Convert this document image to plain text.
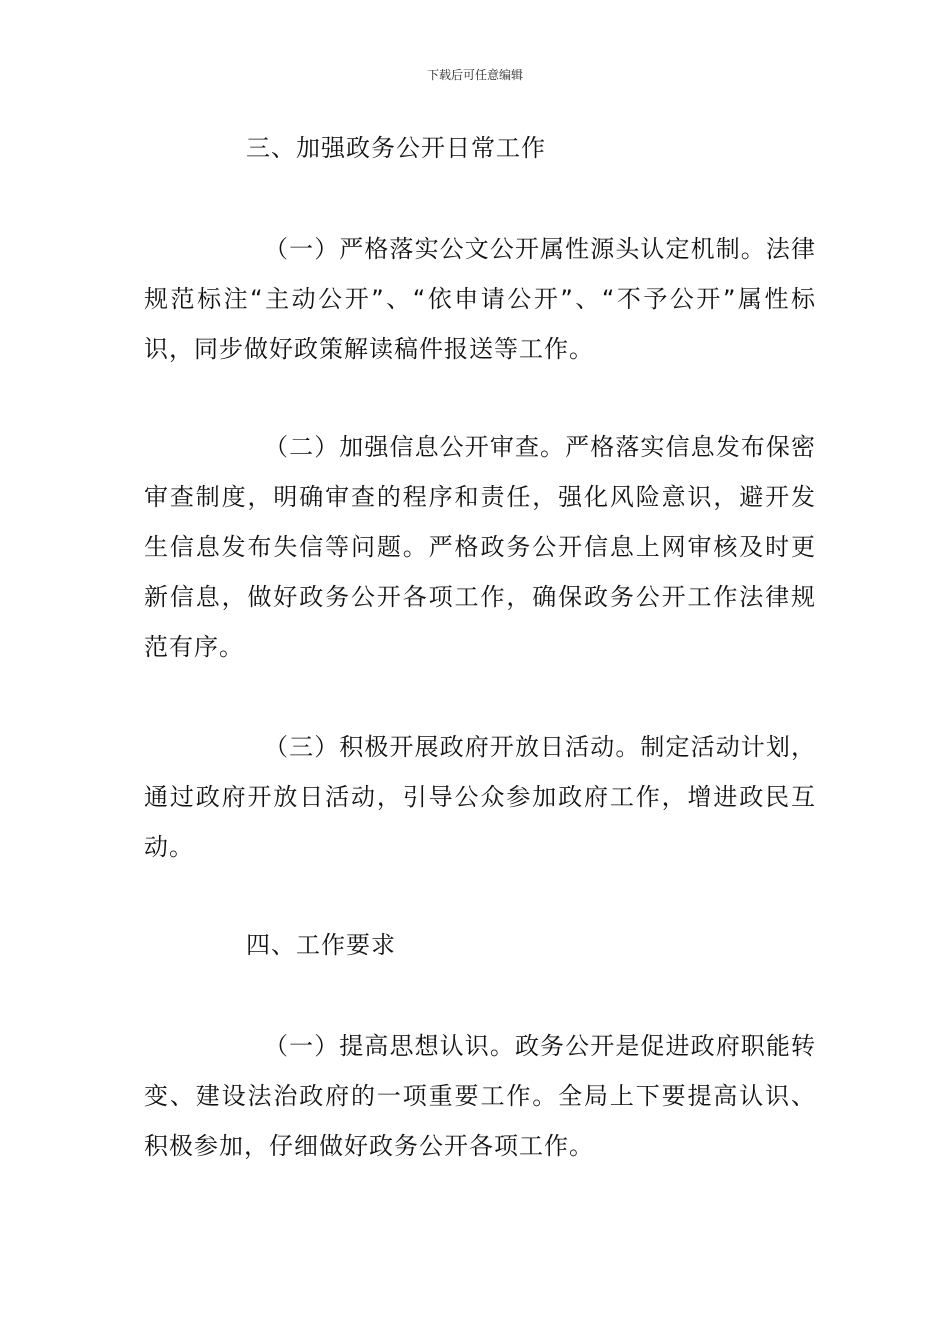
下载后可任意编辑
三、加强政务公开日常工作

（一）严格落实公文公开属性源头认定机制。法律规范标注“主动公开”、“依申请公开”、“不予公开”属性标识，同步做好政策解读稿件报送等工作。

（二）加强信息公开审查。严格落实信息发布保密审查制度，明确审查的程序和责任，强化风险意识，避开发生信息发布失信等问题。严格政务公开信息上网审核及时更新信息，做好政务公开各项工作，确保政务公开工作法律规范有序。

（三）积极开展政府开放日活动。制定活动计划，通过政府开放日活动，引导公众参加政府工作，增进政民互动。

四、工作要求

（一）提高思想认识。政务公开是促进政府职能转变、建设法治政府的一项重要工作。全局上下要提高认识、积极参加，仔细做好政务公开各项工作。
